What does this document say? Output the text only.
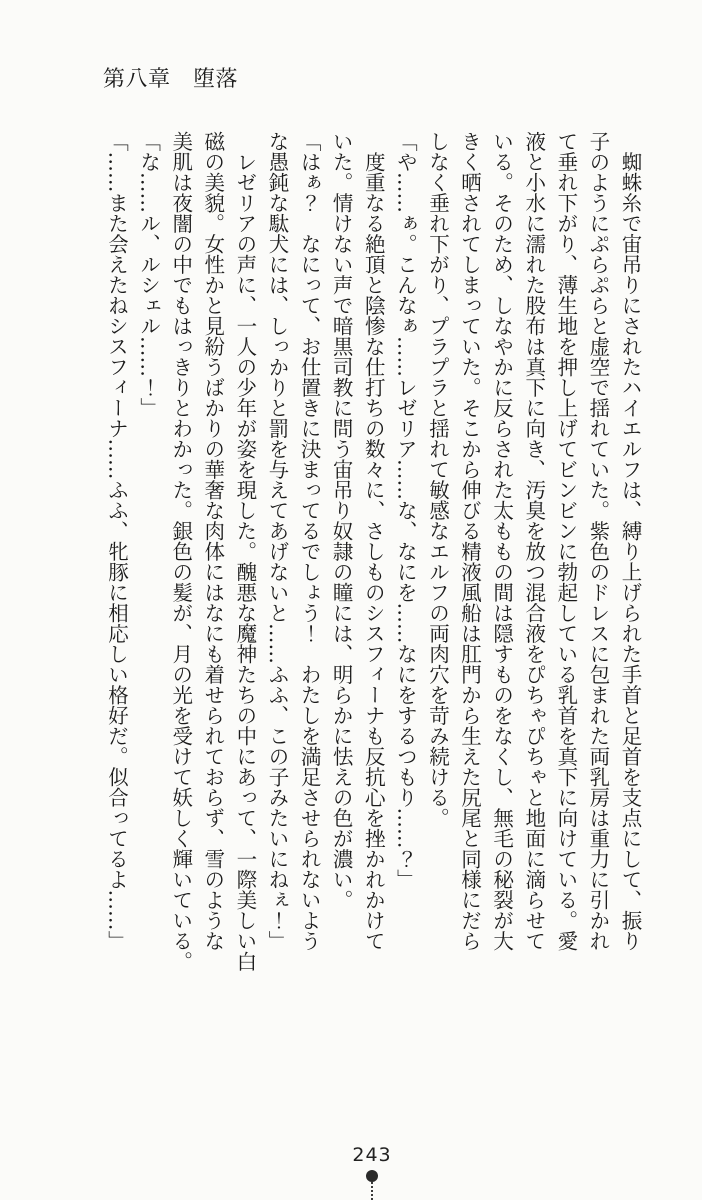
第八章　堕落
　蜘蛛糸で宙吊りにされたハイエルフは、縛り上げられた手首と足首を支点にして、振り
子のようにぷらぷらと虚空で揺れていた。紫色のドレスに包まれた両乳房は重力に引かれ
て垂れ下がり、薄生地を押し上げてビンビンに勃起している乳首を真下に向けている。愛
液と小水に濡れた股布は真下に向き、汚臭を放つ混合液をぴちゃぴちゃと地面に滴らせて
いる。そのため、しなやかに反らされた太ももの間は隠すものをなくし、無毛の秘裂が大
きく晒されてしまっていた。そこから伸びる精液風船は肛門から生えた尻尾と同様にだら
しなく垂れ下がり、プラプラと揺れて敏感なエルフの両肉穴を苛み続ける。
「や……ぁ。こんなぁ……レゼリア……な、なにを……なにをするつもり……？」
　度重なる絶頂と陰惨な仕打ちの数々に、さしものシスフィーナも反抗心を挫かれかけて
いた。情けない声で暗黒司教に問う宙吊り奴隷の瞳には、明らかに怯えの色が濃い。
「はぁ？　なにって、お仕置きに決まってるでしょう！　わたしを満足させられないよう
な愚鈍な駄犬には、しっかりと罰を与えてあげないと……ふふ、この子みたいにねぇ！」
　レゼリアの声に、一人の少年が姿を現した。醜悪な魔神たちの中にあって、一際美しい白
磁の美貌。女性かと見紛うばかりの華奢な肉体にはなにも着せられておらず、雪のような
美肌は夜闇の中でもはっきりとわかった。銀色の髪が、月の光を受けて妖しく輝いている。
「な……ル、ルシェル……！」
「……また会えたねシスフィーナ……ふふ、牝豚に相応しい格好だ。似合ってるよ……」
243
